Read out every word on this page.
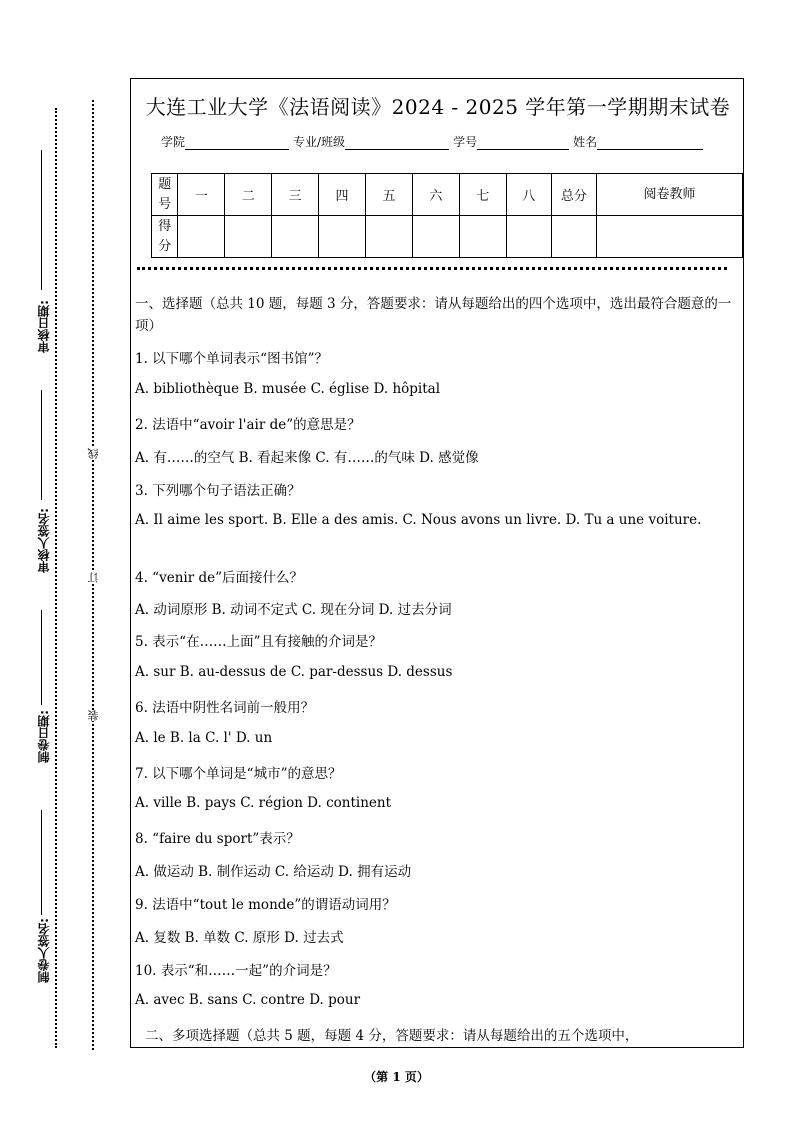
审核日期:
审核人签名:
制卷日期:
制卷人签名:
线
订
装
大连工业大学《法语阅读》2024 - 2025 学年第一学期期末试卷
学院	专业/班级	学号	姓名
题号	一	二	三	四	五	六	七	八	总分	阅卷教师
得分										
一、选择题（总共 10 题，每题 3 分，答题要求：请从每题给出的四个选项中，选出最符合题意的一项）
1. 以下哪个单词表示“图书馆”？
A. bibliothèque B. musée C. église D. hôpital
2. 法语中“avoir l'air de”的意思是？
A. 有……的空气 B. 看起来像 C. 有……的气味 D. 感觉像
3. 下列哪个句子语法正确？
A. Il aime les sport. B. Elle a des amis. C. Nous avons un livre. D. Tu a une voiture.
4. “venir de”后面接什么？
A. 动词原形 B. 动词不定式 C. 现在分词 D. 过去分词
5. 表示“在……上面”且有接触的介词是？
A. sur B. au-dessus de C. par-dessus D. dessus
6. 法语中阴性名词前一般用？
A. le B. la C. l' D. un
7. 以下哪个单词是“城市”的意思？
A. ville B. pays C. région D. continent
8. “faire du sport”表示？
A. 做运动 B. 制作运动 C. 给运动 D. 拥有运动
9. 法语中“tout le monde”的谓语动词用？
A. 复数 B. 单数 C. 原形 D. 过去式
10. 表示“和……一起”的介词是？
A. avec B. sans C. contre D. pour
二、多项选择题（总共 5 题，每题 4 分，答题要求：请从每题给出的五个选项中，
（第 1 页）
